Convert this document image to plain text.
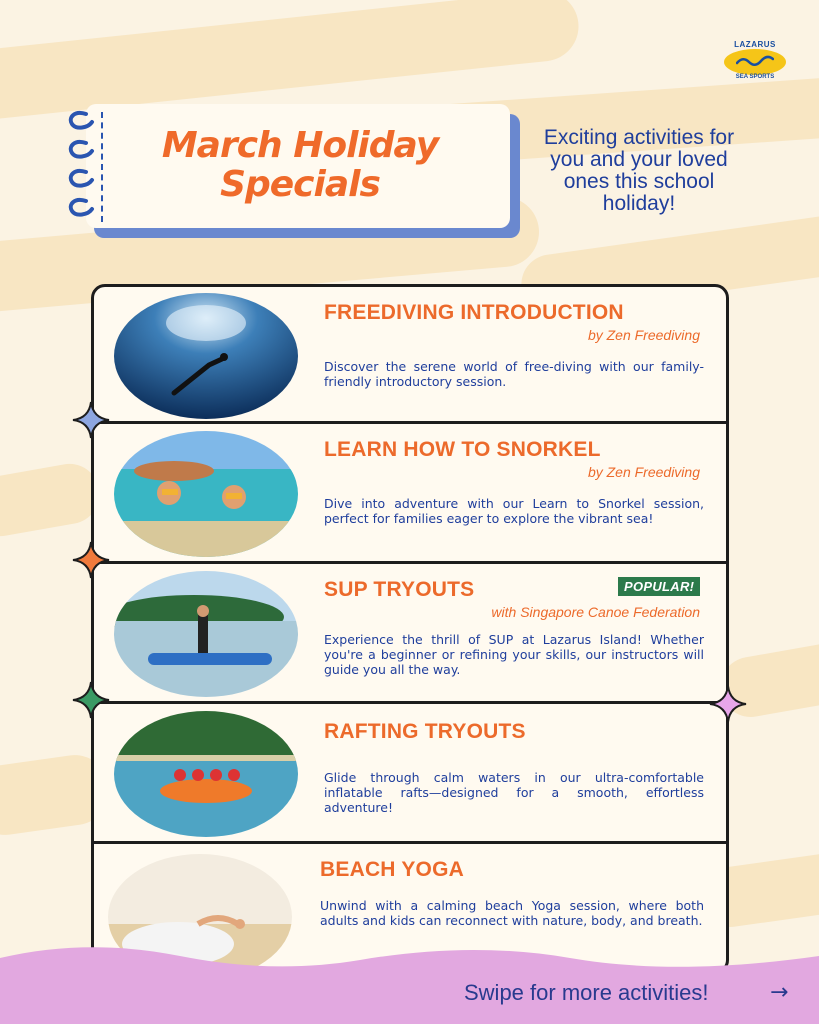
LAZARUS
SEA SPORTS
March Holiday
Specials
Exciting activities for you and your loved ones this school holiday!
FREEDIVING INTRODUCTION
by Zen Freediving
Discover the serene world of free-diving with our family-friendly introductory session.
LEARN HOW TO SNORKEL
by Zen Freediving
Dive into adventure with our Learn to Snorkel session, perfect for families eager to explore the vibrant sea!
POPULAR!
SUP TRYOUTS
with Singapore Canoe Federation
Experience the thrill of SUP at Lazarus Island! Whether you're a beginner or refining your skills, our instructors will guide you all the way.
RAFTING TRYOUTS
Glide through calm waters in our ultra-comfortable inflatable rafts—designed for a smooth, effortless adventure!
BEACH YOGA
Unwind with a calming beach Yoga session, where both adults and kids can reconnect with nature, body, and breath.
Swipe for more activities!	→
